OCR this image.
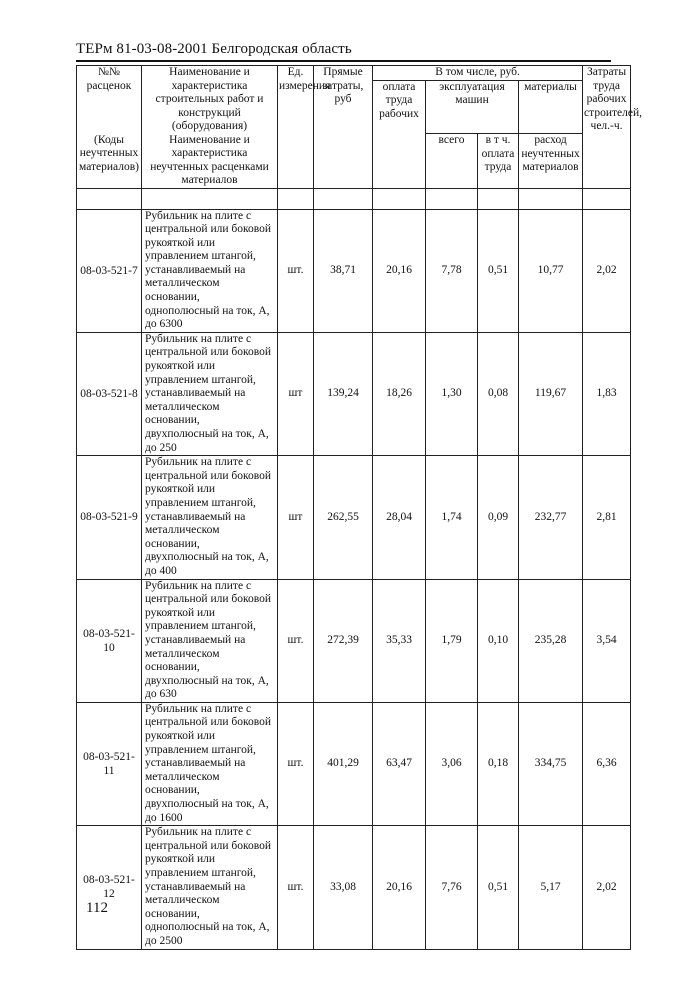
ТЕРм 81-03-08-2001 Белгородская область
№№ расценок	Наименование и характеристика строительных работ и конструкций (оборудования)	Ед. измерения	Прямые затраты, руб	В том числе, руб.				Затраты труда рабочих строителей, чел.-ч.
				оплата труда рабочих	эксплуатация машин		материалы	

(Коды неучтенных материалов)	Наименование и характеристика неучтенных расценками материалов				всего	в т ч. оплата труда	расход неучтенных материалов	

08-03-521-7	Рубильник на плите с центральной или боковой рукояткой или управлением штангой, устанавливаемый на металлическом основании, однополюсный на ток, А, до 6300	шт.	38,71	20,16	7,78	0,51	10,77	2,02
08-03-521-8	Рубильник на плите с центральной или боковой рукояткой или управлением штангой, устанавливаемый на металлическом основании, двухполюсный на ток, А, до 250	шт	139,24	18,26	1,30	0,08	119,67	1,83
08-03-521-9	Рубильник на плите с центральной или боковой рукояткой или управлением штангой, устанавливаемый на металлическом основании, двухполюсный на ток, А, до 400	шт	262,55	28,04	1,74	0,09	232,77	2,81
08-03-521-10	Рубильник на плите с центральной или боковой рукояткой или управлением штангой, устанавливаемый на металлическом основании, двухполюсный на ток, А, до 630	шт.	272,39	35,33	1,79	0,10	235,28	3,54
08-03-521-11	Рубильник на плите с центральной или боковой рукояткой или управлением штангой, устанавливаемый на металлическом основании, двухполюсный на ток, А, до 1600	шт.	401,29	63,47	3,06	0,18	334,75	6,36
08-03-521-12	Рубильник на плите с центральной или боковой рукояткой или управлением штангой, устанавливаемый на металлическом основании, однополюсный на ток, А, до 2500	шт.	33,08	20,16	7,76	0,51	5,17	2,02
112
